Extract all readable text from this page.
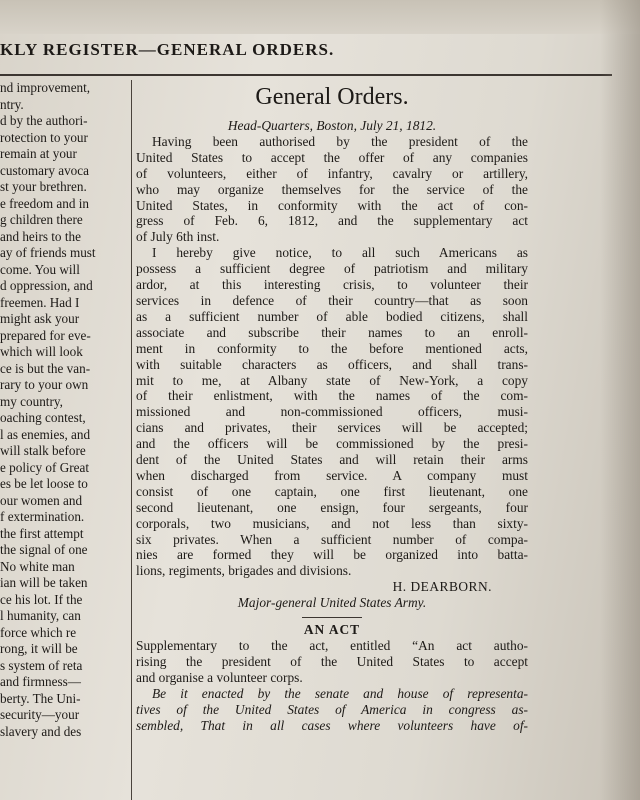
KLY REGISTER—GENERAL ORDERS.
nd improvement,
ntry.
d by the authori-
rotection to your
remain at your
customary avoca
st your brethren.
e freedom and in
g children there
and heirs to the
ay of friends must
come. You will
d oppression, and
freemen. Had I
might ask your
prepared for eve-
which will look
ce is but the van-
rary to your own
my country,
oaching contest,
l as enemies, and
will stalk before
e policy of Great
es be let loose to
our women and
f extermination.
the first attempt
the signal of one
No white man
ian will be taken
ce his lot. If the
l humanity, can
force which re
rong, it will be
s system of reta
and firmness—
berty. The Uni-
security—your
slavery and des
General Orders.
Head-Quarters, Boston, July 21, 1812.
Having been authorised by the president of the
United States to accept the offer of any companies
of volunteers, either of infantry, cavalry or artillery,
who may organize themselves for the service of the
United States, in conformity with the act of con-
gress of Feb. 6, 1812, and the supplementary act
of July 6th inst.
I hereby give notice, to all such Americans as
possess a sufficient degree of patriotism and military
ardor, at this interesting crisis, to volunteer their
services in defence of their country—that as soon
as a sufficient number of able bodied citizens, shall
associate and subscribe their names to an enroll-
ment in conformity to the before mentioned acts,
with suitable characters as officers, and shall trans-
mit to me, at Albany state of New-York, a copy
of their enlistment, with the names of the com-
missioned and non-commissioned officers, musi-
cians and privates, their services will be accepted;
and the officers will be commissioned by the presi-
dent of the United States and will retain their arms
when discharged from service. A company must
consist of one captain, one first lieutenant, one
second lieutenant, one ensign, four sergeants, four
corporals, two musicians, and not less than sixty-
six privates. When a sufficient number of compa-
nies are formed they will be organized into batta-
lions, regiments, brigades and divisions.
H. DEARBORN.
Major-general United States Army.
AN ACT
Supplementary to the act, entitled “An act autho-
rising the president of the United States to accept
and organise a volunteer corps.
Be it enacted by the senate and house of representa-
tives of the United States of America in congress as-
sembled, That in all cases where volunteers have of-
